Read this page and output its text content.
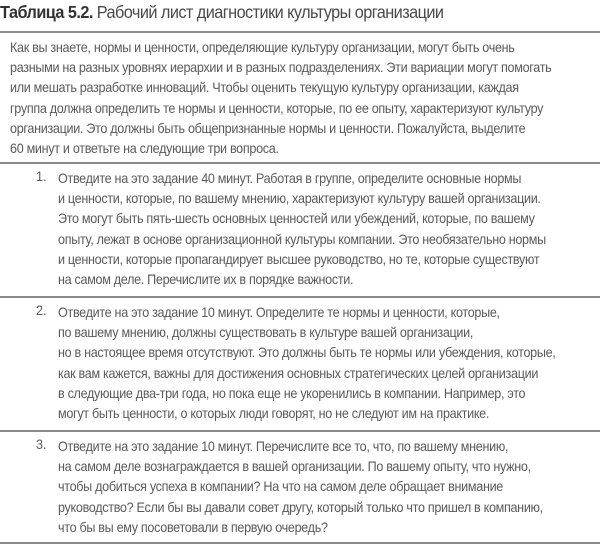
Таблица 5.2. Рабочий лист диагностики культуры организации
Как вы знаете, нормы и ценности, определяющие культуру организации, могут быть очень
разными на разных уровнях иерархии и в разных подразделениях. Эти вариации могут помогать
или мешать разработке инноваций. Чтобы оценить текущую культуру организации, каждая
группа должна определить те нормы и ценности, которые, по ее опыту, характеризуют культуру
организации. Это должны быть общепризнанные нормы и ценности. Пожалуйста, выделите
60 минут и ответьте на следующие три вопроса.
1. Отведите на это задание 40 минут. Работая в группе, определите основные нормы
и ценности, которые, по вашему мнению, характеризуют культуру вашей организации.
Это могут быть пять-шесть основных ценностей или убеждений, которые, по вашему
опыту, лежат в основе организационной культуры компании. Это необязательно нормы
и ценности, которые пропагандирует высшее руководство, но те, которые существуют
на самом деле. Перечислите их в порядке важности.
2. Отведите на это задание 10 минут. Определите те нормы и ценности, которые,
по вашему мнению, должны существовать в культуре вашей организации,
но в настоящее время отсутствуют. Это должны быть те нормы или убеждения, которые,
как вам кажется, важны для достижения основных стратегических целей организации
в следующие два-три года, но пока еще не укоренились в компании. Например, это
могут быть ценности, о которых люди говорят, но не следуют им на практике.
3. Отведите на это задание 10 минут. Перечислите все то, что, по вашему мнению,
на самом деле вознаграждается в вашей организации. По вашему опыту, что нужно,
чтобы добиться успеха в компании? На что на самом деле обращает внимание
руководство? Если бы вы давали совет другу, который только что пришел в компанию,
что бы вы ему посоветовали в первую очередь?
